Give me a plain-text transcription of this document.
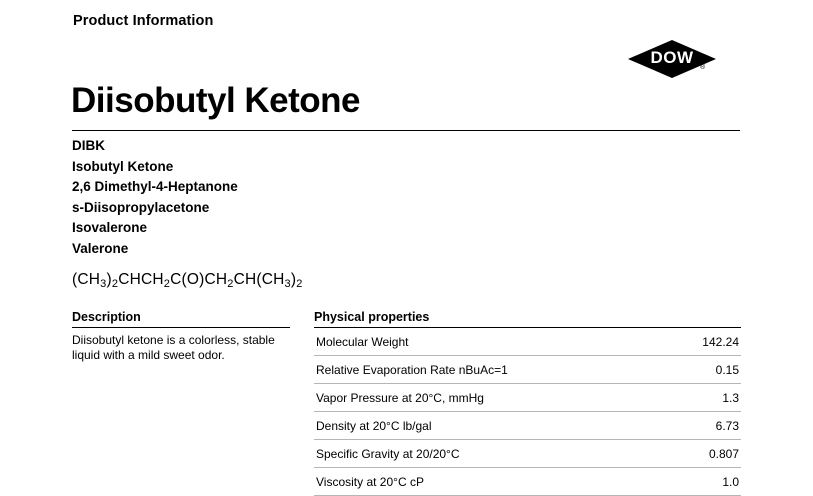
Product Information
DOW
®
Diisobutyl Ketone
DIBK
Isobutyl Ketone
2,6 Dimethyl-4-Heptanone
s-Diisopropylacetone
Isovalerone
Valerone
$(CH_3)_2CHCH_2C(O)CH_2CH(CH_3)_2$
Description
Diisobutyl ketone is a colorless, stable liquid with a mild sweet odor.
Physical properties
Molecular Weight	142.24
Relative Evaporation Rate nBuAc=1	0.15
Vapor Pressure at 20°C, mmHg	1.3
Density at 20°C lb/gal	6.73
Specific Gravity at 20/20°C	0.807
Viscosity at 20°C cP	1.0
